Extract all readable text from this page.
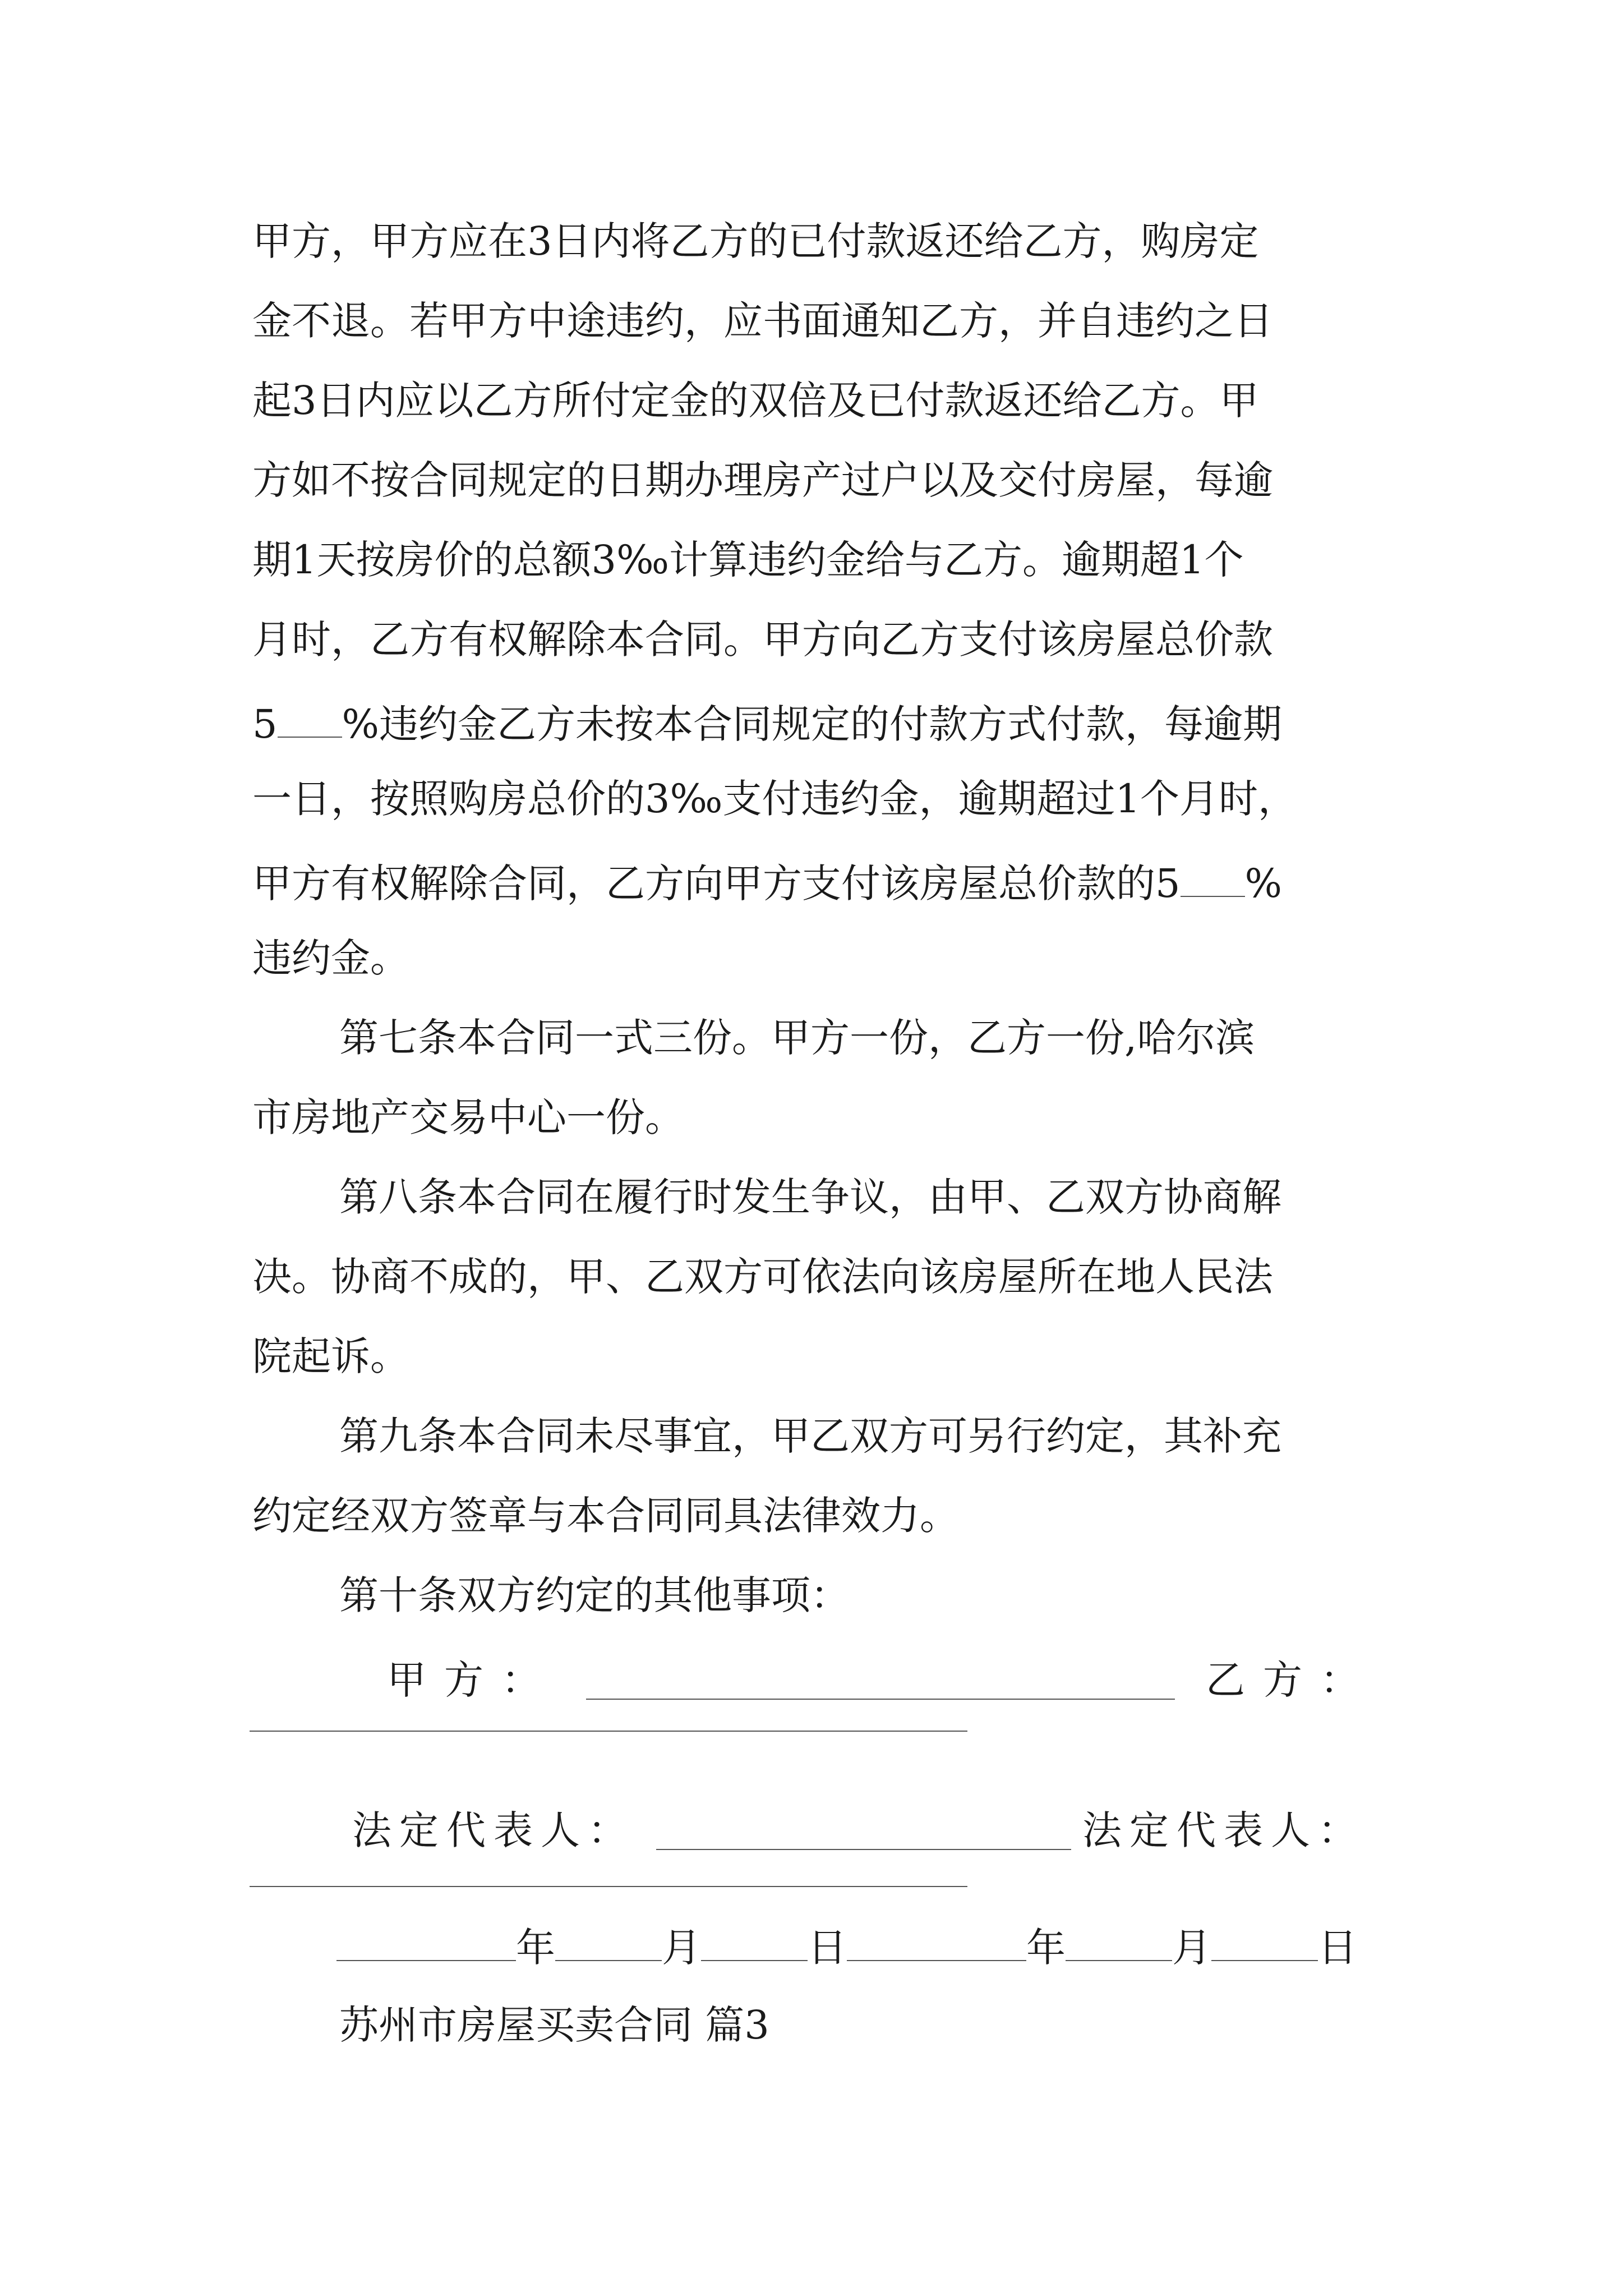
甲方，甲方应在3日内将乙方的已付款返还给乙方，购房定
金不退。若甲方中途违约，应书面通知乙方，并自违约之日
起3日内应以乙方所付定金的双倍及已付款返还给乙方。甲
方如不按合同规定的日期办理房产过户以及交付房屋，每逾
期1天按房价的总额3‰计算违约金给与乙方。逾期超1个
月时，乙方有权解除本合同。甲方向乙方支付该房屋总价款
5 %违约金乙方未按本合同规定的付款方式付款，每逾期
一日，按照购房总价的3‰支付违约金，逾期超过1个月时，
甲方有权解除合同，乙方向甲方支付该房屋总价款的5 %
违约金。
第七条本合同一式三份。甲方一份，乙方一份,哈尔滨
市房地产交易中心一份。
第八条本合同在履行时发生争议，由甲、乙双方协商解
决。协商不成的，甲、乙双方可依法向该房屋所在地人民法
院起诉。
第九条本合同未尽事宜，甲乙双方可另行约定，其补充
约定经双方签章与本合同同具法律效力。
第十条双方约定的其他事项：
甲方：	乙方：
法定代表人：	法定代表人：
年	月	日	年	月	日
苏州市房屋买卖合同 篇3
